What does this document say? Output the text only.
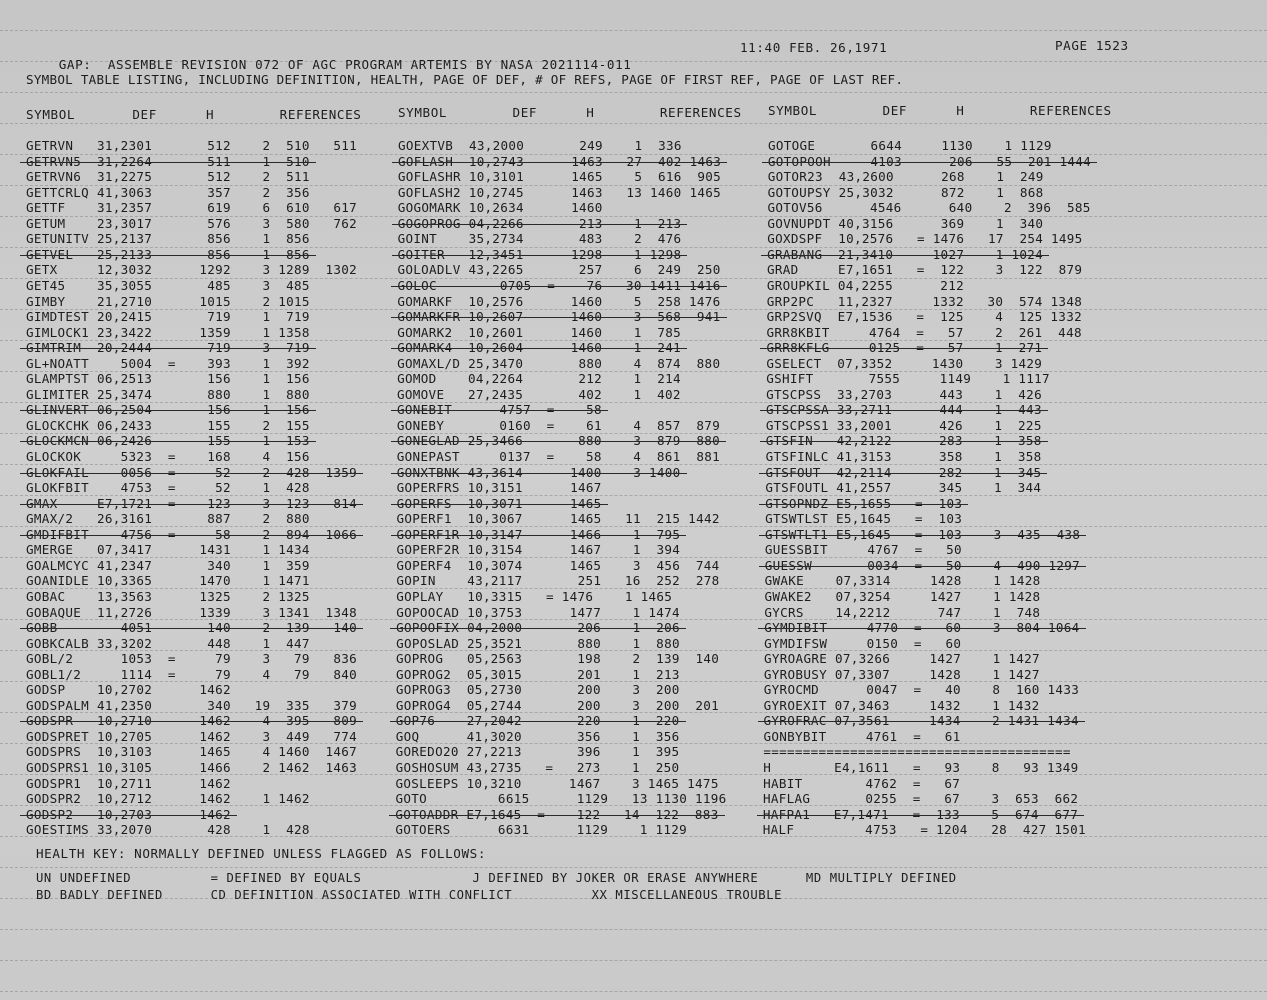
GAP:  ASSEMBLE REVISION 072 OF AGC PROGRAM ARTEMIS BY NASA 2021114-011

11:40 FEB. 26,1971	PAGE 1523
SYMBOL TABLE LISTING, INCLUDING DEFINITION, HEALTH, PAGE OF DEF, # OF REFS, PAGE OF FIRST REF, PAGE OF LAST REF.
SYMBOL       DEF      H        REFERENCES	SYMBOL        DEF      H        REFERENCES SYMBOL        DEF      H        REFERENCES
GETRVN   31,2301       512    2  510   511	GOEXTVB  43,2000       249    1  336	GOTOGE       6644     1130    1 1129
GETRVN5  31,2264       511    1  510	GOFLASH  10,2743      1463   27  402 1463	GOTOPOOH     4103      206   55  201 1444
GETRVN6  31,2275       512    2  511	GOFLASHR 10,3101      1465    5  616  905	GOTOR23  43,2600      268    1  249
GETTCRLQ 41,3063       357    2  356	GOFLASH2 10,2745      1463   13 1460 1465	GOTOUPSY 25,3032      872    1  868
GETTF    31,2357       619    6  610   617	GOGOMARK 10,2634      1460	GOTOV56      4546      640    2  396  585
GETUM    23,3017       576    3  580   762	GOGOPROG 04,2266       213    1  213	GOVNUPDT 40,3156      369    1  340
GETUNITV 25,2137       856    1  856	GOINT    35,2734       483    2  476	GOXDSPF  10,2576   = 1476   17  254 1495
GETVEL   25,2133       856    1  856	GOITER   12,3451      1298    1 1298	GRABANG  21,3410     1027    1 1024
GETX     12,3032      1292    3 1289  1302	GOLOADLV 43,2265       257    6  249  250	GRAD     E7,1651   =  122    3  122  879
GET45    35,3055       485    3  485	GOLOC        0705  =    76   30 1411 1416	GROUPKIL 04,2255      212
GIMBY    21,2710      1015    2 1015	GOMARKF  10,2576      1460    5  258 1476	GRP2PC   11,2327     1332   30  574 1348
GIMDTEST 20,2415       719    1  719	GOMARKFR 10,2607      1460    3  568  941	GRP2SVQ  E7,1536   =  125    4  125 1332
GIMLOCK1 23,3422      1359    1 1358	GOMARK2  10,2601      1460    1  785	GRR8KBIT     4764  =   57    2  261  448
GIMTRIM  20,2444       719    3  719	GOMARK4  10,2604      1460    1  241	GRR8KFLG     0125  =   57    1  271
GL+NOATT    5004  =    393    1  392	GOMAXL/D 25,3470       880    4  874  880	GSELECT  07,3352     1430    3 1429
GLAMPTST 06,2513       156    1  156	GOMOD    04,2264       212    1  214	GSHIFT       7555     1149    1 1117
GLIMITER 25,3474       880    1  880	GOMOVE   27,2435       402    1  402	GTSCPSS  33,2703      443    1  426
GLINVERT 06,2504       156    1  156	GONEBIT      4757  =    58	GTSCPSSA 33,2711      444    1  443
GLOCKCHK 06,2433       155    2  155	GONEBY       0160  =    61    4  857  879	GTSCPSS1 33,2001      426    1  225
GLOCKMCN 06,2426       155    1  153	GONEGLAD 25,3466       880    3  879  880	GTSFIN   42,2122      283    1  358
GLOCKOK     5323  =    168    4  156	GONEPAST     0137  =    58    4  861  881	GTSFINLC 41,3153      358    1  358
GLOKFAIL    0056  =     52    2  428  1359	GONXTBNK 43,3614      1400    3 1400	GTSFOUT  42,2114      282    1  345
GLOKFBIT    4753  =     52    1  428	GOPERFRS 10,3151      1467	GTSFOUTL 41,2557      345    1  344
GMAX     E7,1721  =    123    3  123   814	GOPERFS  10,3071      1465	GTSOPNDZ E5,1655   =  103
GMAX/2   26,3161       887    2  880	GOPERF1  10,3067      1465   11  215 1442	GTSWTLST E5,1645   =  103
GMDIFBIT    4756  =     58    2  894  1066	GOPERF1R 10,3147      1466    1  795	GTSWTLT1 E5,1645   =  103    3  435  438
GMERGE   07,3417      1431    1 1434	GOPERF2R 10,3154      1467    1  394	GUESSBIT     4767  =   50
GOALMCYC 41,2347       340    1  359	GOPERF4  10,3074      1465    3  456  744	GUESSW       0034  =   50    4  490 1297
GOANIDLE 10,3365      1470    1 1471	GOPIN    43,2117       251   16  252  278	GWAKE    07,3314     1428    1 1428
GOBAC    13,3563      1325    2 1325	GOPLAY   10,3315   = 1476    1 1465	GWAKE2   07,3254     1427    1 1428
GOBAQUE  11,2726      1339    3 1341  1348	GOPOOCAD 10,3753      1477    1 1474	GYCRS    14,2212      747    1  748
GOBB        4051       140    2  139   140	GOPOOFIX 04,2000       206    1  206	GYMDIBIT     4770  =   60    3  804 1064
GOBKCALB 33,3202       448    1  447	GOPOSLAD 25,3521       880    1  880	GYMDIFSW     0150  =   60
GOBL/2      1053  =     79    3   79   836	GOPROG   05,2563       198    2  139  140	GYROAGRE 07,3266     1427    1 1427
GOBL1/2     1114  =     79    4   79   840	GOPROG2  05,3015       201    1  213	GYROBUSY 07,3307     1428    1 1427
GODSP    10,2702      1462	GOPROG3  05,2730       200    3  200	GYROCMD      0047  =   40    8  160 1433
GODSPALM 41,2350       340   19  335   379	GOPROG4  05,2744       200    3  200  201	GYROEXIT 07,3463     1432    1 1432
GODSPR   10,2710      1462    4  395   809	GOP76    27,2042       220    1  220	GYROFRAC 07,3561     1434    2 1431 1434
GODSPRET 10,2705      1462    3  449   774	GOQ      41,3020       356    1  356	GONBYBIT     4761  =   61
GODSPRS  10,3103      1465    4 1460  1467	GOREDO20 27,2213       396    1  395	=======================================
GODSPRS1 10,3105      1466    2 1462  1463	GOSHOSUM 43,2735   =   273    1  250	H        E4,1611   =   93    8   93 1349
GODSPR1  10,2711      1462	GOSLEEPS 10,3210      1467    3 1465 1475	HABIT        4762  =   67
GODSPR2  10,2712      1462    1 1462	GOTO         6615      1129   13 1130 1196	HAFLAG       0255  =   67    3  653  662
GODSP2   10,2703      1462	GOTOADDR E7,1645  =    122   14  122  883	HAFPA1   E7,1471   =  133    5  674  677
GOESTIMS 33,2070       428    1  428	GOTOERS      6631      1129    1 1129	HALF         4753   = 1204   28  427 1501
HEALTH KEY: NORMALLY DEFINED UNLESS FLAGGED AS FOLLOWS:
UN UNDEFINED          = DEFINED BY EQUALS              J DEFINED BY JOKER OR ERASE ANYWHERE      MD MULTIPLY DEFINED
BD BADLY DEFINED      CD DEFINITION ASSOCIATED WITH CONFLICT          XX MISCELLANEOUS TROUBLE
